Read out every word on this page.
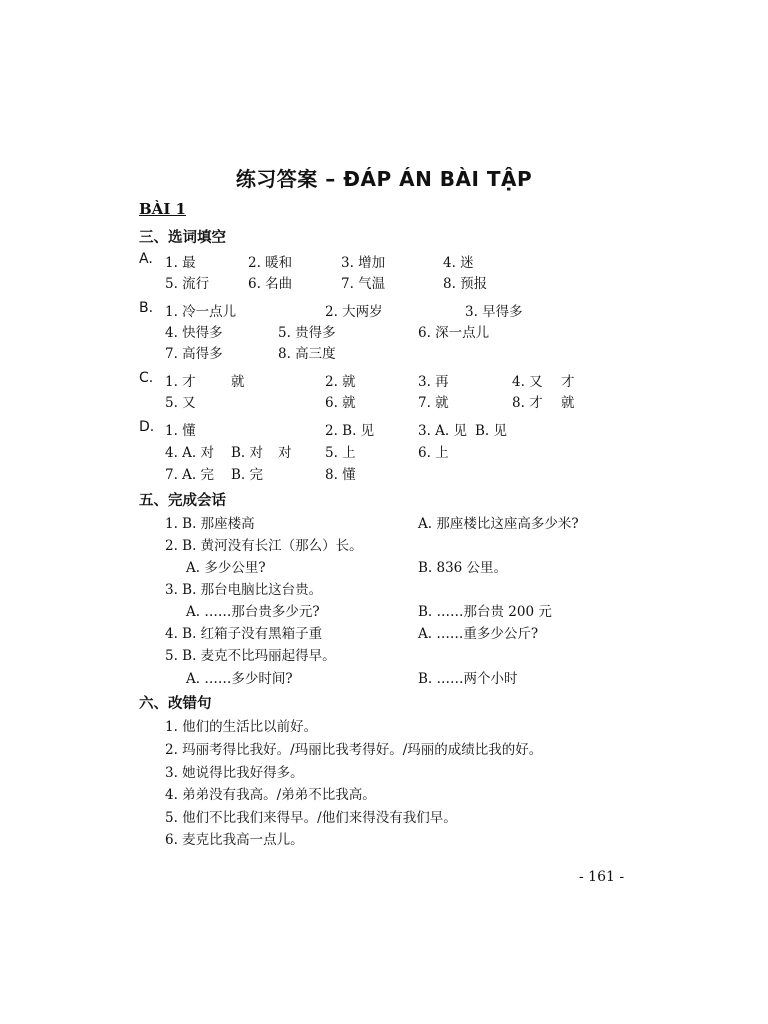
练习答案 – ĐÁP ÁN BÀI TẬP
BÀI 1
三、选词填空
A. 1. 最	2. 暖和	3. 增加	4. 迷
5. 流行	6. 名曲	7. 气温	8. 预报
B. 1. 冷一点儿	2. 大两岁	3. 早得多
4. 快得多	5. 贵得多	6. 深一点儿
7. 高得多	8. 高三度
C. 1. 才	就	2. 就	3. 再	4. 又 才
5. 又	6. 就	7. 就	8. 才 就
D. 1. 懂	2. B. 见	3. A. 见 B. 见
4. A. 对 B. 对 对 5. 上	6. 上
7. A. 完 B. 完	8. 懂
五、完成会话
1. B. 那座楼高	A. 那座楼比这座高多少米?
2. B. 黄河没有长江（那么）长。
A. 多少公里?	B. 836 公里。
3. B. 那台电脑比这台贵。
A. ……那台贵多少元?	B. ……那台贵 200 元
4. B. 红箱子没有黑箱子重	A. ……重多少公斤?
5. B. 麦克不比玛丽起得早。
A. ……多少时间?	B. ……两个小时
六、改错句
1. 他们的生活比以前好。
2. 玛丽考得比我好。/玛丽比我考得好。/玛丽的成绩比我的好。
3. 她说得比我好得多。
4. 弟弟没有我高。/弟弟不比我高。
5. 他们不比我们来得早。/他们来得没有我们早。
6. 麦克比我高一点儿。
- 161 -
